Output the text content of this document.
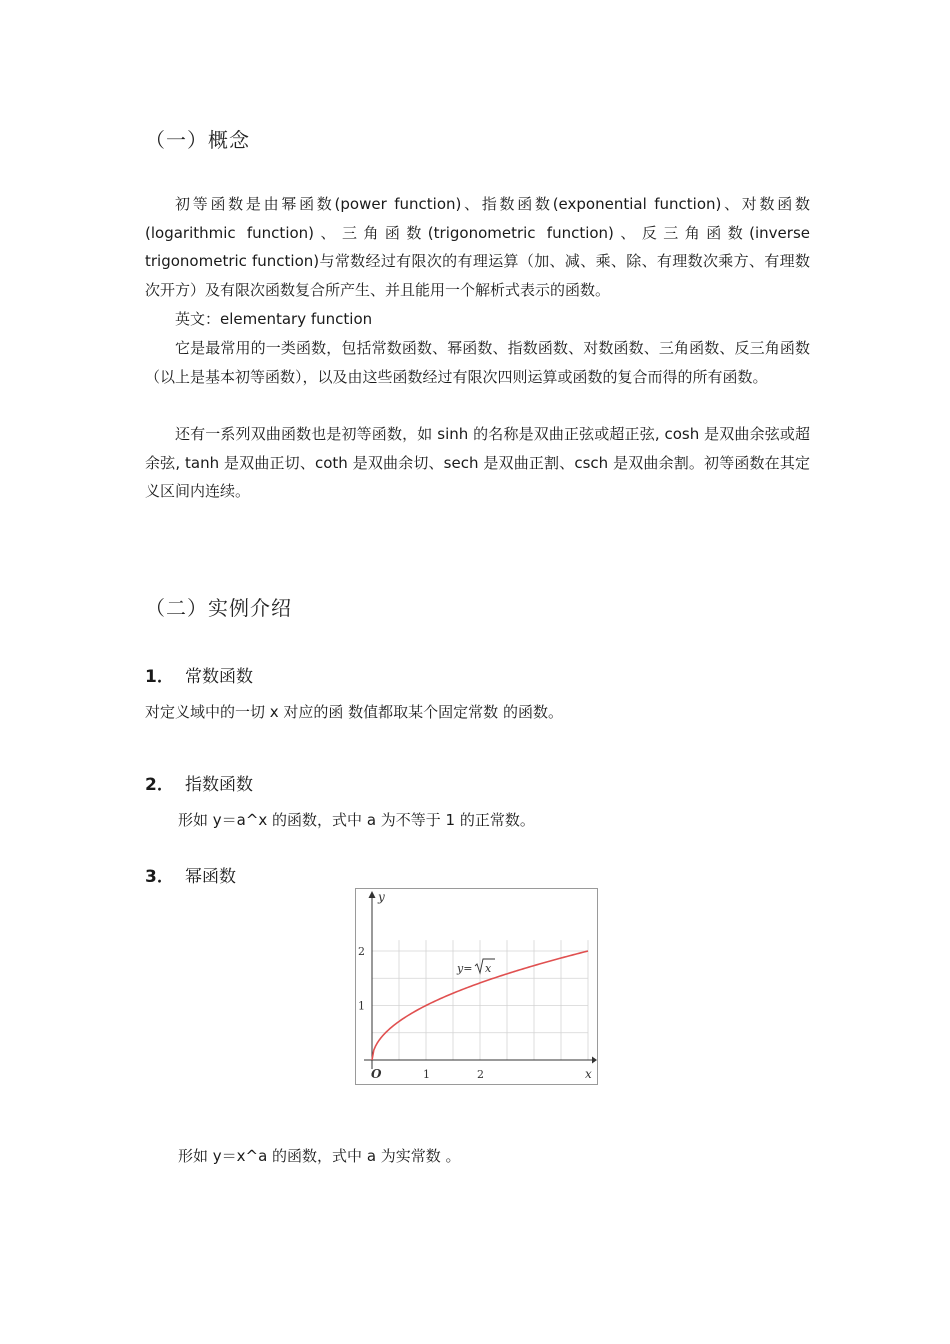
（一）概念

初等函数是由幂函数(power function)、指数函数(exponential function)、对数函数(logarithmic function)、三角函数(trigonometric function)、反三角函数(inverse trigonometric function)与常数经过有限次的有理运算（加、减、乘、除、有理数次乘方、有理数次开方）及有限次函数复合所产生、并且能用一个解析式表示的函数。

英文：elementary function

它是最常用的一类函数，包括常数函数、幂函数、指数函数、对数函数、三角函数、反三角函数（以上是基本初等函数），以及由这些函数经过有限次四则运算或函数的复合而得的所有函数。

还有一系列双曲函数也是初等函数，如 sinh 的名称是双曲正弦或超正弦, cosh 是双曲余弦或超余弦, tanh 是双曲正切、coth 是双曲余切、sech 是双曲正割、csch 是双曲余割。初等函数在其定义区间内连续。

（二）实例介绍
1． 常数函数
对定义域中的一切 x 对应的函 数值都取某个固定常数 的函数。
2． 指数函数
形如 y＝a^x 的函数，式中 a 为不等于 1 的正常数。
3． 幂函数
1	2
1
2
y
x
O
y= x
形如 y＝x^a 的函数，式中 a 为实常数 。
